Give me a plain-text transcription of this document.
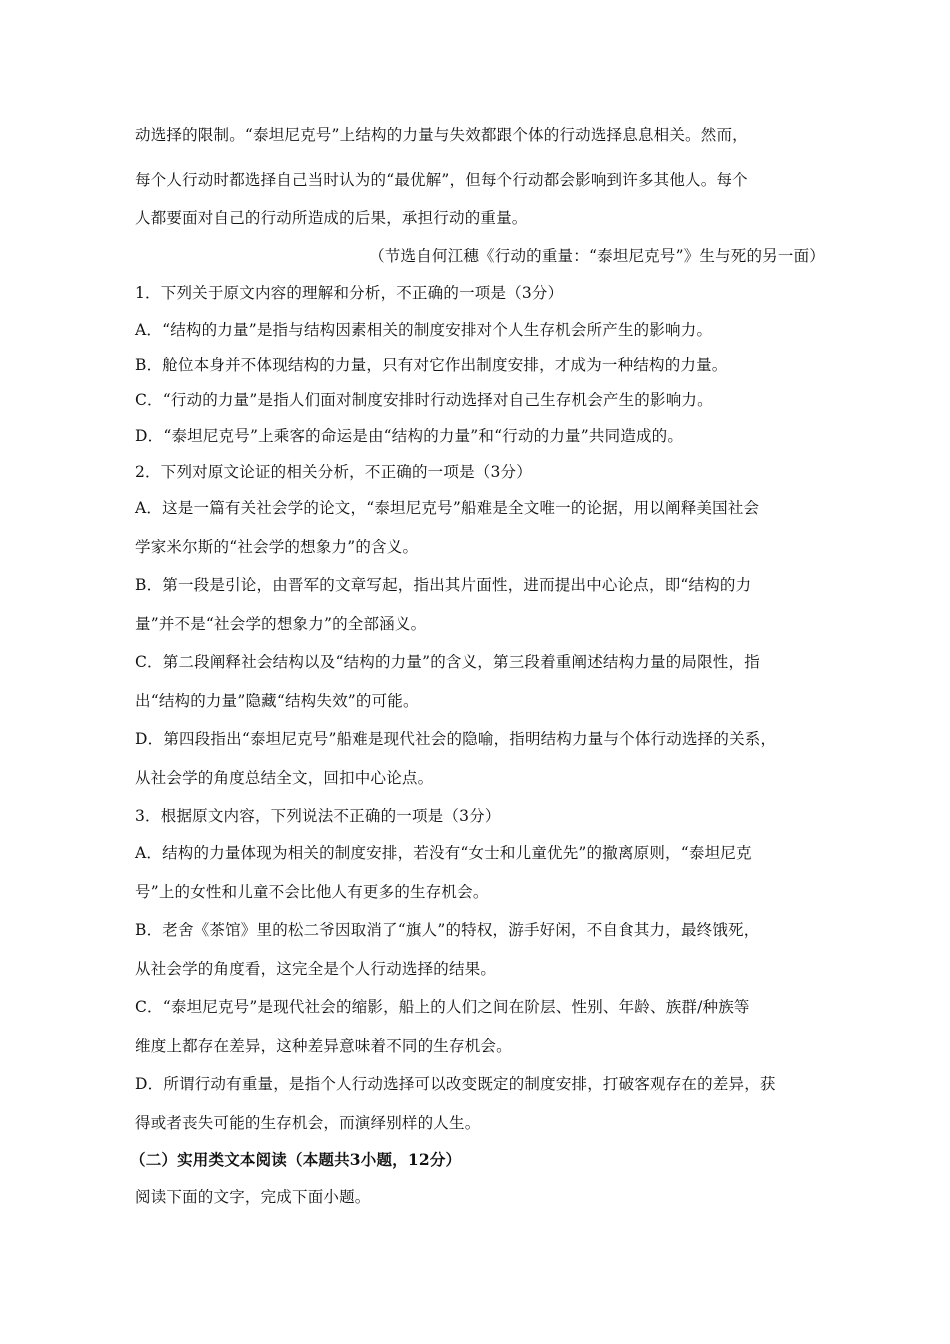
动选择的限制。“泰坦尼克号”上结构的力量与失效都跟个体的行动选择息息相关。然而，
每个人行动时都选择自己当时认为的“最优解”，但每个行动都会影响到许多其他人。每个
人都要面对自己的行动所造成的后果，承担行动的重量。
（节选自何江穗《行动的重量：“泰坦尼克号”》生与死的另一面）
1．下列关于原文内容的理解和分析，不正确的一项是（3分）
A．“结构的力量”是指与结构因素相关的制度安排对个人生存机会所产生的影响力。
B．舱位本身并不体现结构的力量，只有对它作出制度安排，才成为一种结构的力量。
C．“行动的力量”是指人们面对制度安排时行动选择对自己生存机会产生的影响力。
D．“泰坦尼克号”上乘客的命运是由“结构的力量”和“行动的力量”共同造成的。
2．下列对原文论证的相关分析，不正确的一项是（3分）
A．这是一篇有关社会学的论文，“泰坦尼克号”船难是全文唯一的论据，用以阐释美国社会
学家米尔斯的“社会学的想象力”的含义。
B．第一段是引论，由晋军的文章写起，指出其片面性，进而提出中心论点，即“结构的力
量”并不是“社会学的想象力”的全部涵义。
C．第二段阐释社会结构以及“结构的力量”的含义，第三段着重阐述结构力量的局限性，指
出“结构的力量”隐藏“结构失效”的可能。
D．第四段指出“泰坦尼克号”船难是现代社会的隐喻，指明结构力量与个体行动选择的关系，
从社会学的角度总结全文，回扣中心论点。
3．根据原文内容，下列说法不正确的一项是（3分）
A．结构的力量体现为相关的制度安排，若没有“女士和儿童优先”的撤离原则，“泰坦尼克
号”上的女性和儿童不会比他人有更多的生存机会。
B．老舍《茶馆》里的松二爷因取消了“旗人”的特权，游手好闲，不自食其力，最终饿死，
从社会学的角度看，这完全是个人行动选择的结果。
C．“泰坦尼克号”是现代社会的缩影，船上的人们之间在阶层、性别、年龄、族群/种族等
维度上都存在差异，这种差异意味着不同的生存机会。
D．所谓行动有重量，是指个人行动选择可以改变既定的制度安排，打破客观存在的差异，获
得或者丧失可能的生存机会，而演绎别样的人生。
（二）实用类文本阅读（本题共3小题，12分）
阅读下面的文字，完成下面小题。
